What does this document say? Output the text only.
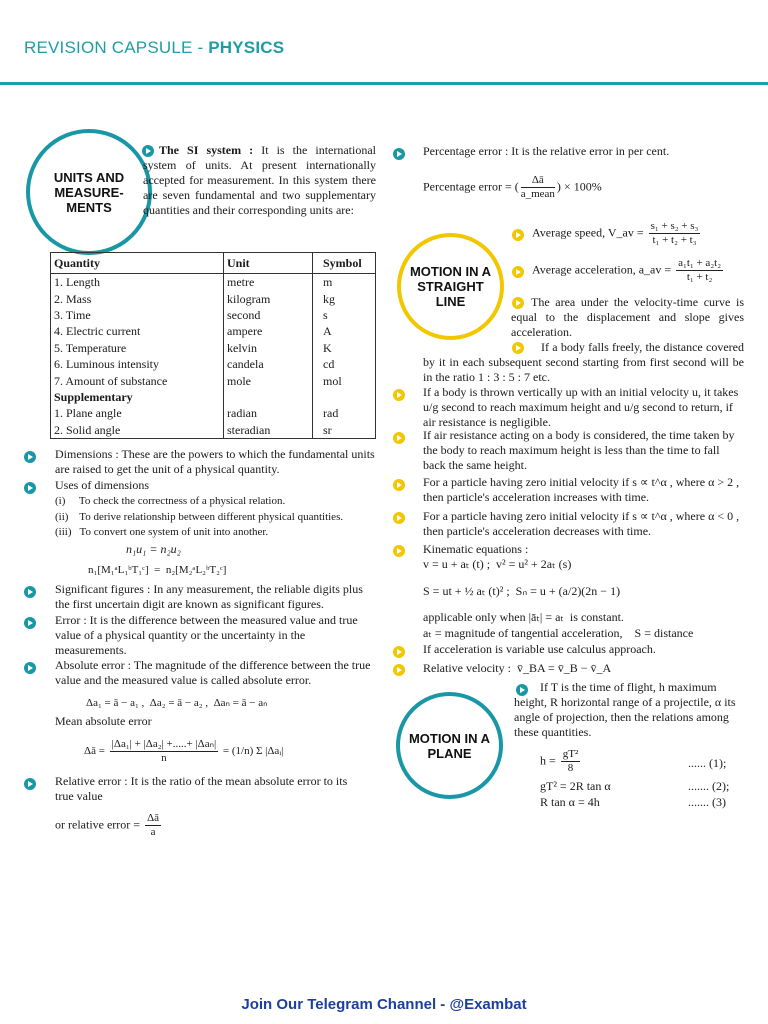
REVISION CAPSULE - PHYSICS
UNITS AND
MEASURE-
MENTS
MOTION IN A
STRAIGHT
LINE
MOTION IN A
PLANE
The SI system : It is the international system of units. At present internationally accepted for measurement. In this system there are seven fundamental and two supplementary quantities and their corresponding units are:
Quantity	Unit	Symbol
1. Length	metre	m
2. Mass	kilogram	kg
3. Time	second	s
4. Electric current	ampere	A
5. Temperature	kelvin	K
6. Luminous intensity	candela	cd
7. Amount of substance	mole	mol
Supplementary		
1. Plane angle	radian	rad
2. Solid angle	steradian	sr
Dimensions : These are the powers to which the fundamental units are raised to get the unit of a physical quantity.
Uses of dimensions
(i)     To check the correctness of a physical relation.
(ii)    To derive relationship between different physical quantities.
(iii)   To convert one system of unit into another.
n₁u₁ = n₂u₂
n₁[M₁ᵃL₁ᵇT₁ᶜ]  =  n₂[M₂ᵃL₂ᵇT₂ᶜ]
Significant figures : In any measurement, the reliable digits plus the first uncertain digit are known as significant figures.
Error : It is the difference between the measured value and true value of a physical quantity or the uncertainty in the measurements.
Absolute error : The magnitude of the difference between the true value and the measured value is called absolute error.
Δa₁ = ā − a₁ ,  Δa₂ = ā − a₂ ,  Δaₙ = ā − aₙ
Mean absolute error
Δā = $\frac{\text{|Δa₁| + |Δa₂| +.....+ |Δaₙ|}}{n} = (1/n)$ Σ |Δaᵢ|
Relative error : It is the ratio of the mean absolute error to its true value
or relative error = $\frac{\Delta ā}{a}$
Percentage error : It is the relative error in per cent.
Percentage error = ( $\frac{\Delta ā}{\text{a\_mean}}$ ) × 100%
Average speed, V_av = $\frac{\text{s₁ + s₂ + s₃}}{\text{t₁ + t₂ + t₃}}$
Average acceleration, a_av = $\frac{\text{a₁t₁ + a₂t₂}}{\text{t₁ + t₂}}$
The area under the velocity-time curve is equal to the displacement and slope gives acceleration.
If a body falls freely, the distance covered by it in each subsequent second starting from first second will be in the ratio 1 : 3 : 5 : 7 etc.
If a body is thrown vertically up with an initial velocity u, it takes u/g second to reach maximum height and u/g second to return, if air resistance is negligible.
If air resistance acting on a body is considered, the time taken by the body to reach maximum height is less than the time to fall back the same height.
For a particle having zero initial velocity if s ∝ t^α , where α > 2 , then particle's acceleration increases with time.
For a particle having zero initial velocity if s ∝ t^α , where α < 0 , then particle's acceleration decreases with time.
Kinematic equations :
v = u + aₜ (t) ;  v² = u² + 2aₜ (s)
S = ut + ½ aₜ (t)² ;  Sₙ = u + (a/2)(2n − 1)
applicable only when |āₜ| = aₜ  is constant.
aₜ = magnitude of tangential acceleration,    S = distance
If acceleration is variable use calculus approach.
Relative velocity :  v̄_BA = v̄_B − v̄_A
If T is the time of flight, h maximum height, R horizontal range of a projectile, α its angle of projection, then the relations among these quantities.
$h = \frac{\text{gT²}}{8}$	...... (1);
gT² = 2R tan α	....... (2);
R tan α = 4h	....... (3)
Join Our Telegram Channel - @Exambat
